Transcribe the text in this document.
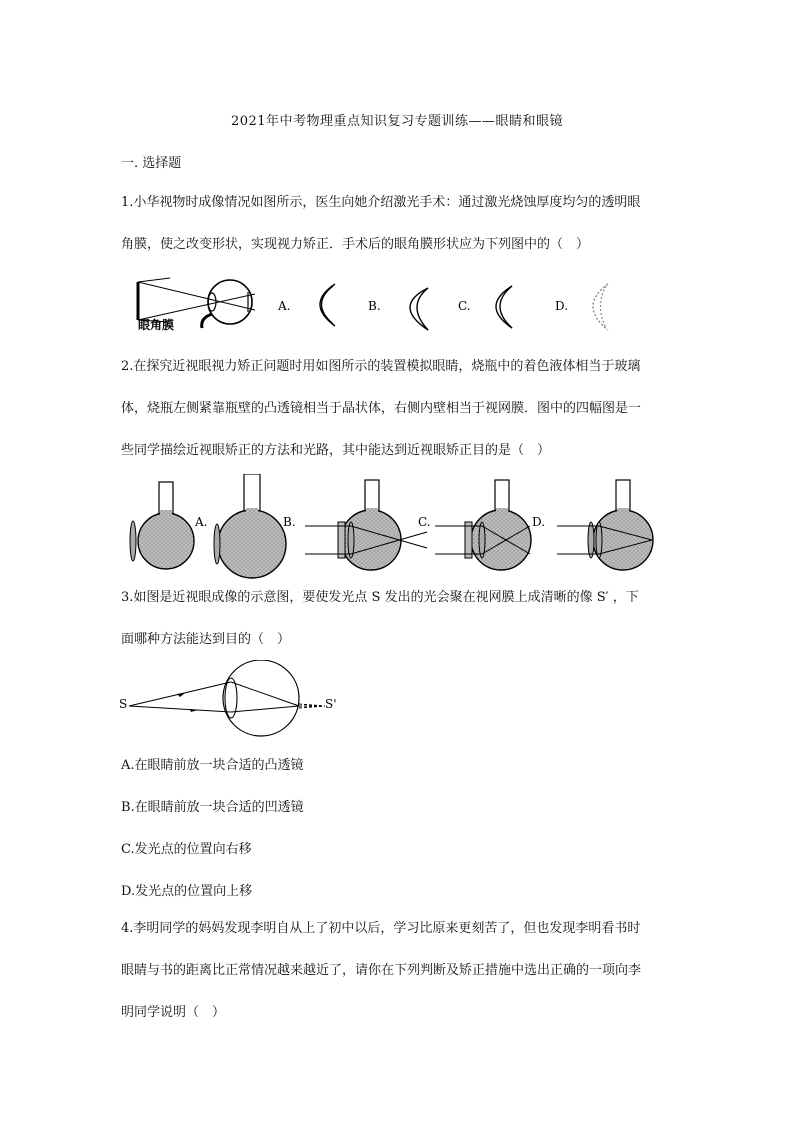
2021年中考物理重点知识复习专题训练——眼睛和眼镜
一. 选择题
1.小华视物时成像情况如图所示，医生向她介绍激光手术：通过激光烧蚀厚度均匀的透明眼
角膜，使之改变形状，实现视力矫正．手术后的眼角膜形状应为下列图中的（　）
眼角膜
A.	B.	C.	D.
2.在探究近视眼视力矫正问题时用如图所示的装置模拟眼睛，烧瓶中的着色液体相当于玻璃
体，烧瓶左侧紧靠瓶壁的凸透镜相当于晶状体，右侧内壁相当于视网膜．图中的四幅图是一
些同学描绘近视眼矫正的方法和光路，其中能达到近视眼矫正目的是（　）
A.	B.	C.	D.
3.如图是近视眼成像的示意图，要使发光点 S 发出的光会聚在视网膜上成清晰的像 S′ ，下
面哪种方法能达到目的（　）
S	S'
A.在眼睛前放一块合适的凸透镜
B.在眼睛前放一块合适的凹透镜
C.发光点的位置向右移
D.发光点的位置向上移
4.李明同学的妈妈发现李明自从上了初中以后，学习比原来更刻苦了，但也发现李明看书时
眼睛与书的距离比正常情况越来越近了，请你在下列判断及矫正措施中选出正确的一项向李
明同学说明（　）
